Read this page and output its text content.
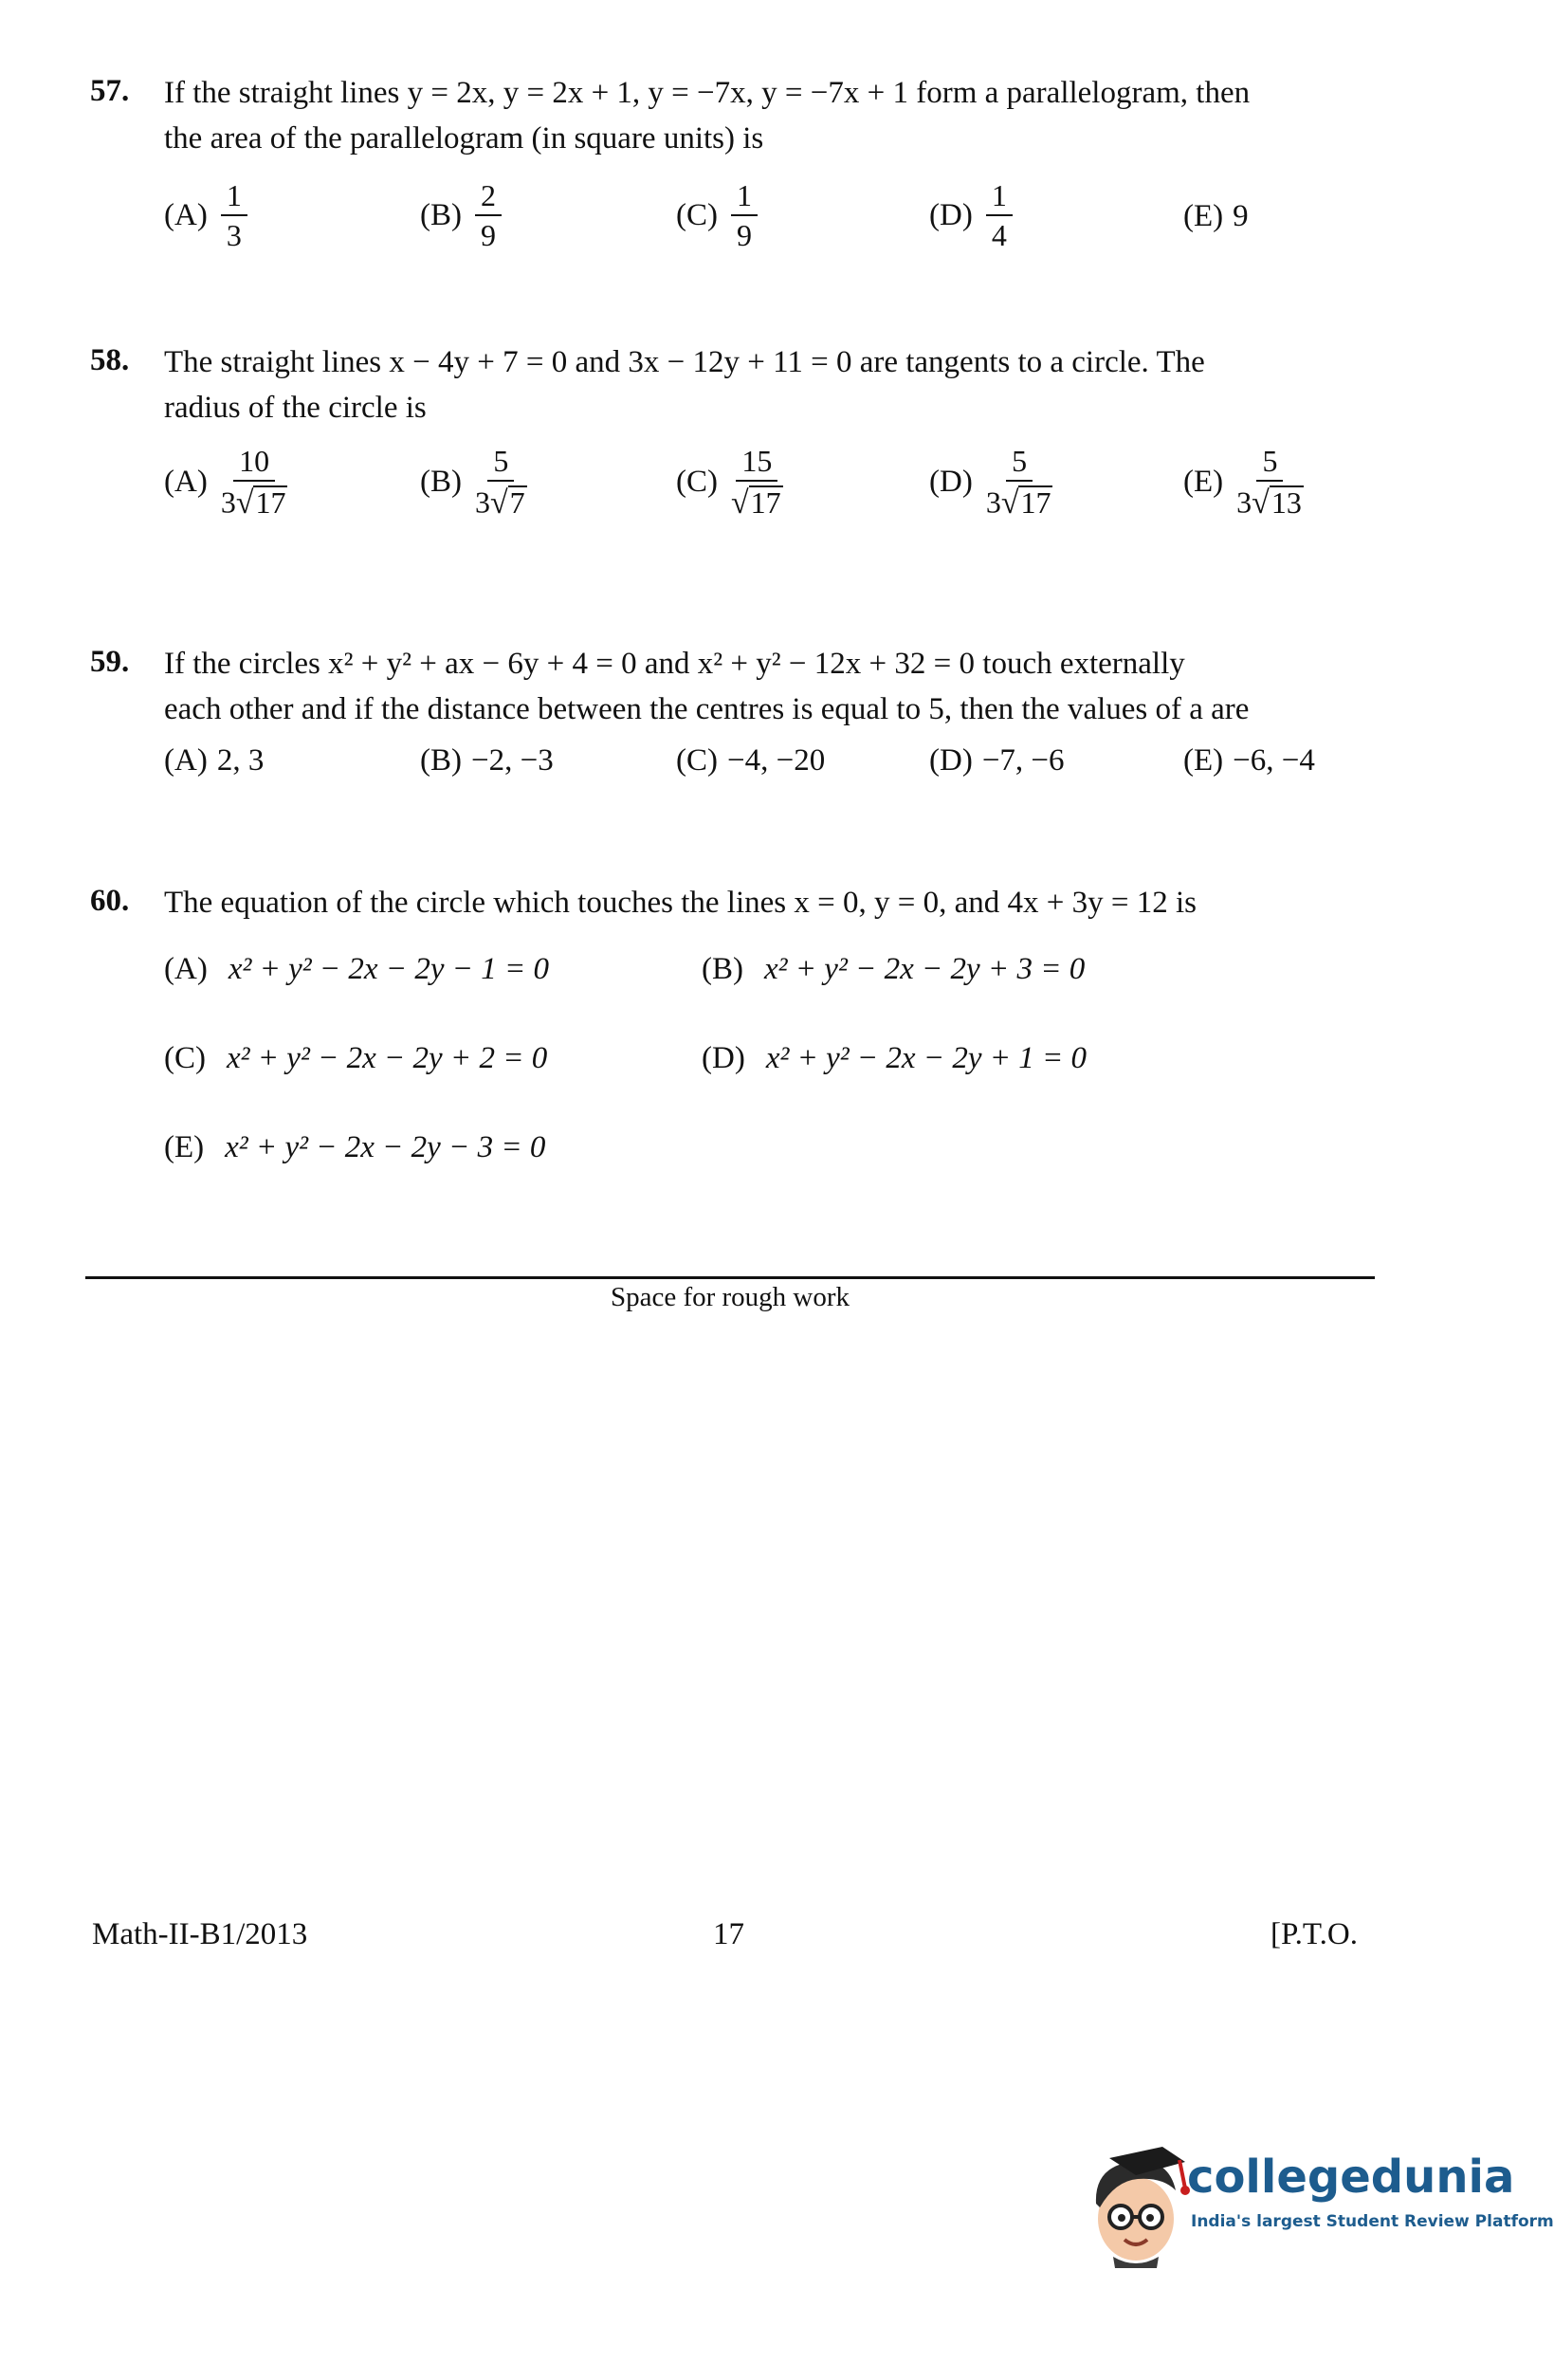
57. If the straight lines y = 2x, y = 2x + 1, y = −7x, y = −7x + 1 form a parallelogram, then
the area of the parallelogram (in square units) is
$(A) \frac{1}{3}$	$(B) \frac{2}{9}$	$(C) \frac{1}{9}$	$(D) \frac{1}{4}$	(E) 9
58. The straight lines x − 4y + 7 = 0 and 3x − 12y + 11 = 0 are tangents to a circle. The
radius of the circle is
$(A) \frac{10}{3 √ 17}$	$(B) \frac{5}{3 √ 7}$	$(C) \frac{15}{√ 17}$	$(D) \frac{5}{3 √ 17}$	$(E) \frac{5}{3 √ 13}$
59. If the circles x² + y² + ax − 6y + 4 = 0 and x² + y² − 12x + 32 = 0 touch externally
each other and if the distance between the centres is equal to 5, then the values of a are
(A) 2, 3	(B) −2, −3	(C) −4, −20	(D) −7, −6	(E) −6, −4
60. The equation of the circle which touches the lines x = 0, y = 0, and 4x + 3y = 12 is
(A) x² + y² − 2x − 2y − 1 = 0	(B) x² + y² − 2x − 2y + 3 = 0
(C) x² + y² − 2x − 2y + 2 = 0	(D) x² + y² − 2x − 2y + 1 = 0
(E) x² + y² − 2x − 2y − 3 = 0
Space for rough work
Math-II-B1/2013	17	[P.T.O.
collegedunia
India's largest Student Review Platform
